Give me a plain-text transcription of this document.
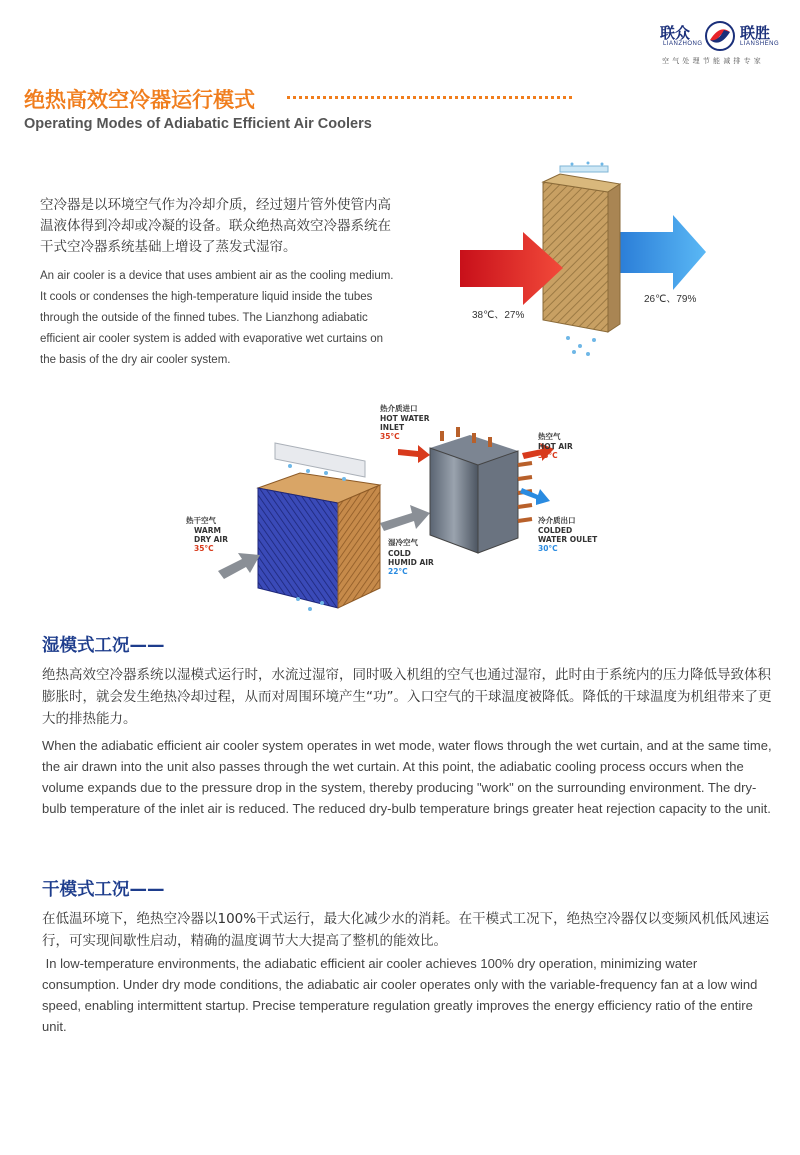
联众	联胜
LIANZHONG	LIANSHENG
空气处理节能减排专家
绝热高效空冷器运行模式
Operating Modes of Adiabatic Efficient Air Coolers
空冷器是以环境空气作为冷却介质，经过翅片管外使管内高温液体得到冷却或冷凝的设备。联众绝热高效空冷器系统在干式空冷器系统基础上增设了蒸发式湿帘。
An air cooler is a device that uses ambient air as the cooling medium. It cools or condenses the high-temperature liquid inside the tubes through the outside of the finned tubes. The Lianzhong adiabatic efficient air cooler system is added with evaporative wet curtains on the basis of the dry air cooler system.
38℃、27%
26℃、79%
热干空气
WARM
DRY AIR
35°C
热介质进口
HOT WATER
INLET
35°C
湿冷空气
COLD
HUMID AIR
22°C
热空气
HOT AIR
33°C
冷介质出口
COLDED
WATER OULET
30°C
湿模式工况——
绝热高效空冷器系统以湿模式运行时，水流过湿帘，同时吸入机组的空气也通过湿帘，此时由于系统内的压力降低导致体积膨胀时，就会发生绝热冷却过程，从而对周围环境产生“功”。入口空气的干球温度被降低。降低的干球温度为机组带来了更大的排热能力。
When the adiabatic efficient air cooler system operates in wet mode, water flows through the wet curtain, and at the same time, the air drawn into the unit also passes through the wet curtain. At this point, the adiabatic cooling process occurs when the volume expands due to the pressure drop in the system, thereby producing "work" on the surrounding environment. The dry-bulb temperature of the inlet air is reduced. The reduced dry-bulb temperature brings greater heat rejection capacity to the unit.
干模式工况——
在低温环境下，绝热空冷器以100%干式运行，最大化减少水的消耗。在干模式工况下，绝热空冷器仅以变频风机低风速运行，可实现间歇性启动，精确的温度调节大大提高了整机的能效比。
In low-temperature environments, the adiabatic efficient air cooler achieves 100% dry operation, minimizing water consumption. Under dry mode conditions, the adiabatic air cooler operates only with the variable-frequency fan at a low wind speed, enabling intermittent startup. Precise temperature regulation greatly improves the energy efficiency ratio of the entire unit.
